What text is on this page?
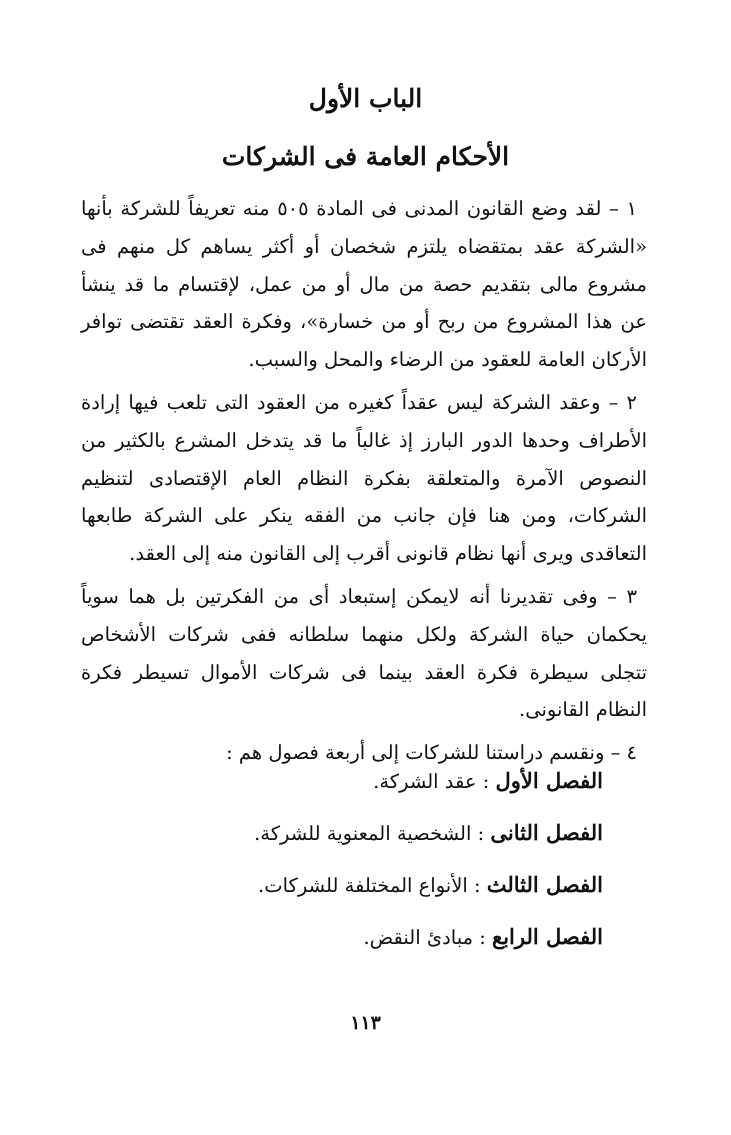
الباب الأول
الأحكام العامة فى الشركات

١ – لقد وضع القانون المدنى فى المادة ٥٠٥ منه تعريفاً للشركة بأنها «الشركة عقد بمتقضاه يلتزم شخصان أو أكثر يساهم كل منهم فى مشروع مالى بتقديم حصة من مال أو من عمل، لإقتسام ما قد ينشأ عن هذا المشروع من ربح أو من خسارة»، وفكرة العقد تقتضى توافر الأركان العامة للعقود من الرضاء والمحل والسبب.

٢ – وعقد الشركة ليس عقداً كغيره من العقود التى تلعب فيها إرادة الأطراف وحدها الدور البارز إذ غالباً ما قد يتدخل المشرع بالكثير من النصوص الآمرة والمتعلقة بفكرة النظام العام الإقتصادى لتنظيم الشركات، ومن هنا فإن جانب من الفقه ينكر على الشركة طابعها التعاقدى ويرى أنها نظام قانونى أقرب إلى القانون منه إلى العقد.

٣ – وفى تقديرنا أنه لايمكن إستبعاد أى من الفكرتين بل هما سوياً يحكمان حياة الشركة ولكل منهما سلطانه ففى شركات الأشخاص تتجلى سيطرة فكرة العقد بينما فى شركات الأموال تسيطر فكرة النظام القانونى.

٤ – ونقسم دراستنا للشركات إلى أربعة فصول هم :

الفصل الأول : عقد الشركة.
الفصل الثانى : الشخصية المعنوية للشركة.
الفصل الثالث : الأنواع المختلفة للشركات.
الفصل الرابع : مبادئ النقض.
١١٣
